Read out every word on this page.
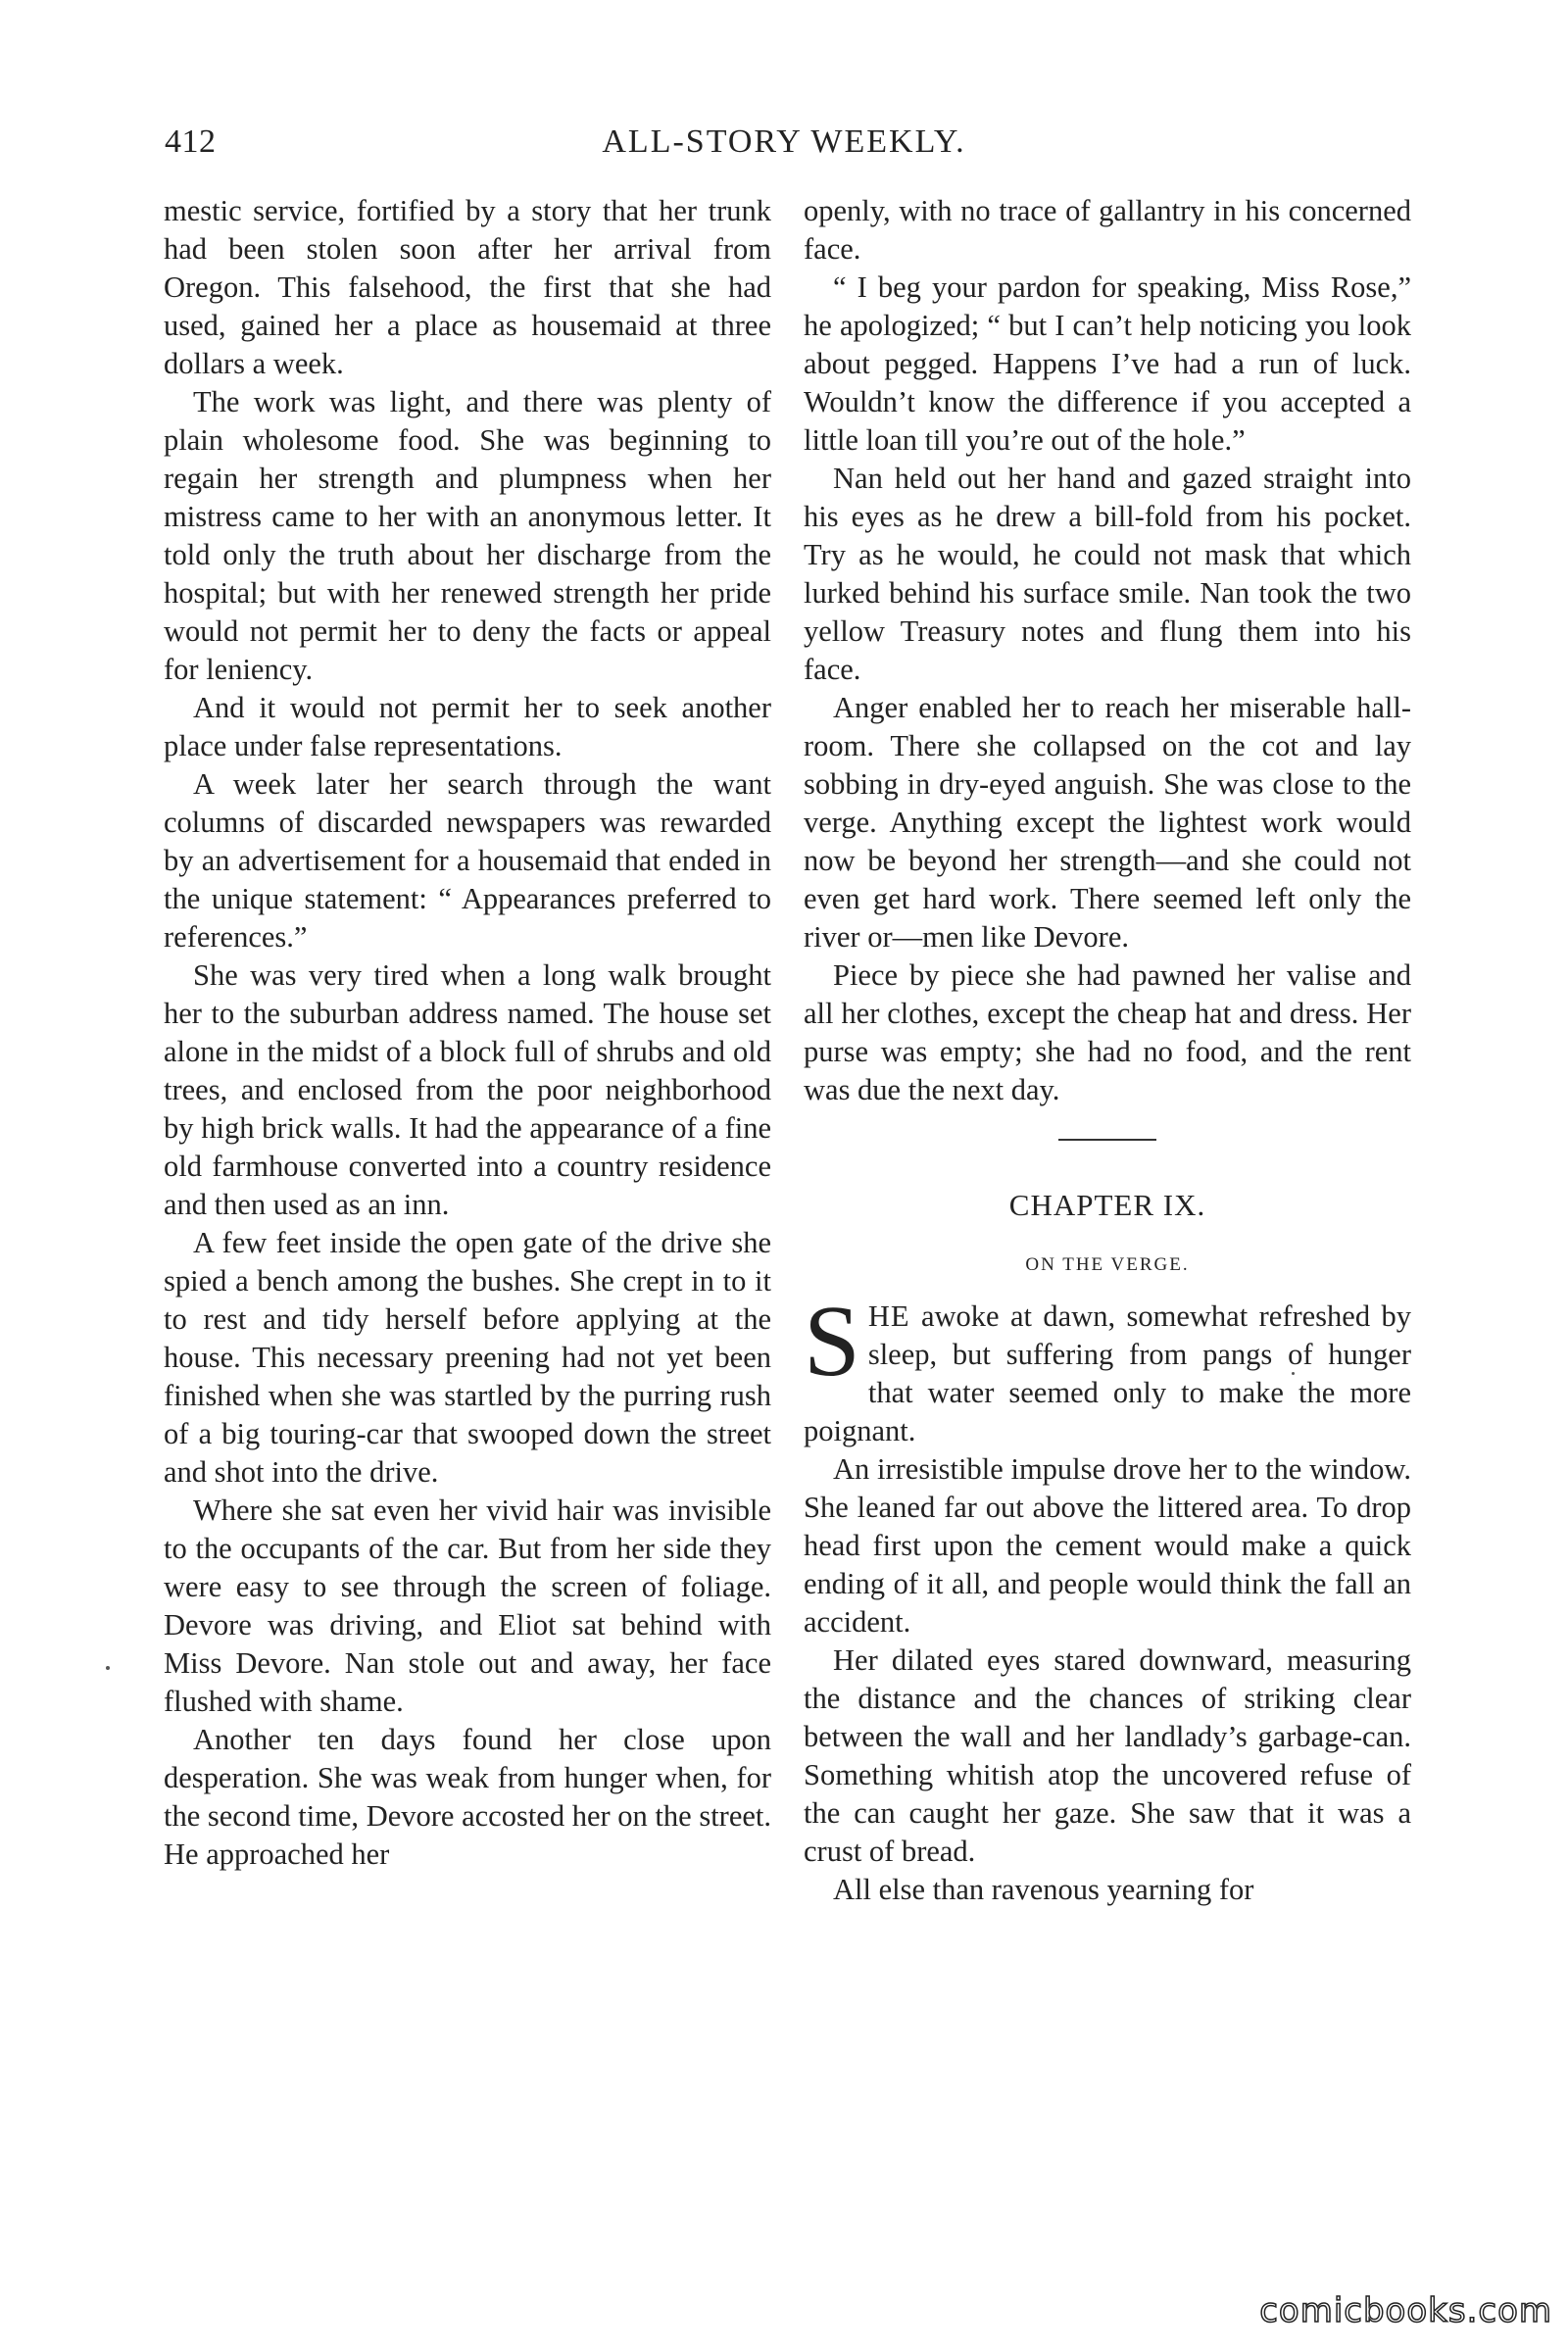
412	ALL-STORY WEEKLY.

mestic service, fortified by a story that her trunk had been stolen soon after her arrival from Oregon. This falsehood, the first that she had used, gained her a place as housemaid at three dollars a week.

The work was light, and there was plenty of plain wholesome food. She was beginning to regain her strength and plumpness when her mistress came to her with an anonymous letter. It told only the truth about her discharge from the hospital; but with her renewed strength her pride would not permit her to deny the facts or appeal for leniency.

And it would not permit her to seek another place under false representations.

A week later her search through the want columns of discarded newspapers was rewarded by an advertisement for a housemaid that ended in the unique statement: “ Appearances preferred to references.”

She was very tired when a long walk brought her to the suburban address named. The house set alone in the midst of a block full of shrubs and old trees, and enclosed from the poor neighborhood by high brick walls. It had the appearance of a fine old farmhouse converted into a country residence and then used as an inn.

A few feet inside the open gate of the drive she spied a bench among the bushes. She crept in to it to rest and tidy herself before applying at the house. This necessary preening had not yet been finished when she was startled by the purring rush of a big touring-car that swooped down the street and shot into the drive.

Where she sat even her vivid hair was invisible to the occupants of the car. But from her side they were easy to see through the screen of foliage. Devore was driving, and Eliot sat behind with Miss Devore. Nan stole out and away, her face flushed with shame.

Another ten days found her close upon desperation. She was weak from hunger when, for the second time, Devore accosted her on the street. He approached her

openly, with no trace of gallantry in his concerned face.

“ I beg your pardon for speaking, Miss Rose,” he apologized; “ but I can’t help noticing you look about pegged. Happens I’ve had a run of luck. Wouldn’t know the difference if you accepted a little loan till you’re out of the hole.”

Nan held out her hand and gazed straight into his eyes as he drew a bill-fold from his pocket. Try as he would, he could not mask that which lurked behind his surface smile. Nan took the two yellow Treasury notes and flung them into his face.

Anger enabled her to reach her miserable hall-room. There she collapsed on the cot and lay sobbing in dry-eyed anguish. She was close to the verge. Anything except the lightest work would now be beyond her strength—and she could not even get hard work. There seemed left only the river or—men like Devore.

Piece by piece she had pawned her valise and all her clothes, except the cheap hat and dress. Her purse was empty; she had no food, and the rent was due the next day.

CHAPTER IX.
ON THE VERGE.

SHE awoke at dawn, somewhat refreshed by sleep, but suffering from pangs of hunger that water seemed only to make the more poignant.

An irresistible impulse drove her to the window. She leaned far out above the littered area. To drop head first upon the cement would make a quick ending of it all, and people would think the fall an accident.

Her dilated eyes stared downward, measuring the distance and the chances of striking clear between the wall and her landlady’s garbage-can. Something whitish atop the uncovered refuse of the can caught her gaze. She saw that it was a crust of bread.

All else than ravenous yearning for

comicbooks.com
